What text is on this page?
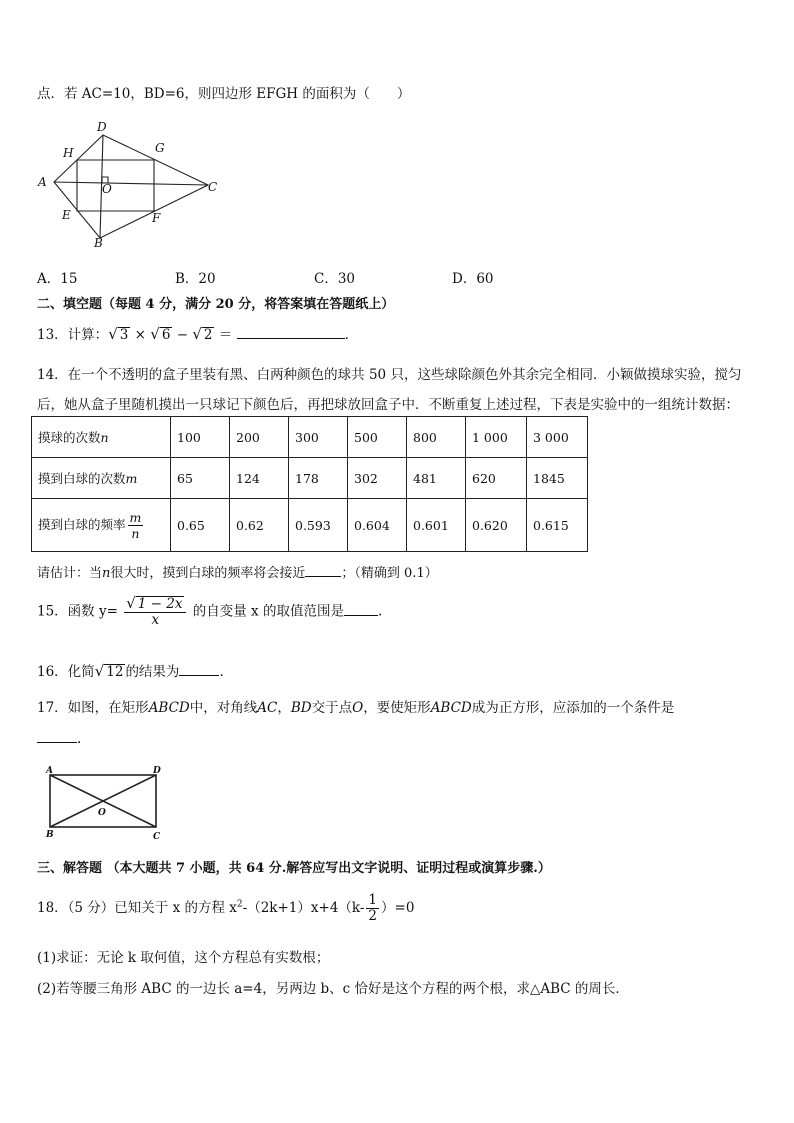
点．若 AC=10，BD=6，则四边形 EFGH 的面积为（　　）
D
H	G
A	O	C
E	F
B
A．15	B．20	C．30	D．60
二、填空题（每题 4 分，满分 20 分，将答案填在答题纸上）
13．计算：√ 3 × √ 6 − √ 2 ＝	．
14．在一个不透明的盒子里装有黑、白两种颜色的球共 50 只，这些球除颜色外其余完全相同．小颖做摸球实验，搅匀
后，她从盒子里随机摸出一只球记下颜色后，再把球放回盒子中．不断重复上述过程，下表是实验中的一组统计数据：
摸球的次数n	100	200	300	500	800	1 000	3 000
摸到白球的次数m	65	124	178	302	481	620	1845
摸到白球的频率 $\frac{m}{n}$	0.65	0.62	0.593	0.604	0.601	0.620	0.615
请估计：当n很大时，摸到白球的频率将会接近	；（精确到 0.1）
15．函数 $y= \frac{√ 1 - 2x}{x}$ 的自变量 x 的取值范围是	.
16．化简√ 12 的结果为	.
17．如图，在矩形ABCD中，对角线AC，BD交于点O，要使矩形ABCD成为正方形，应添加的一个条件是
.
A	D
O
B	C
三、解答题 （本大题共 7 小题，共 64 分.解答应写出文字说明、证明过程或演算步骤.）
18．（5 分）已知关于 x 的方程 $x^2-(2k+1)x+4(k- \frac{1}{2} )=0$
(1)求证：无论 k 取何值，这个方程总有实数根；
(2)若等腰三角形 ABC 的一边长 a=4，另两边 b、c 恰好是这个方程的两个根，求△ABC 的周长．
